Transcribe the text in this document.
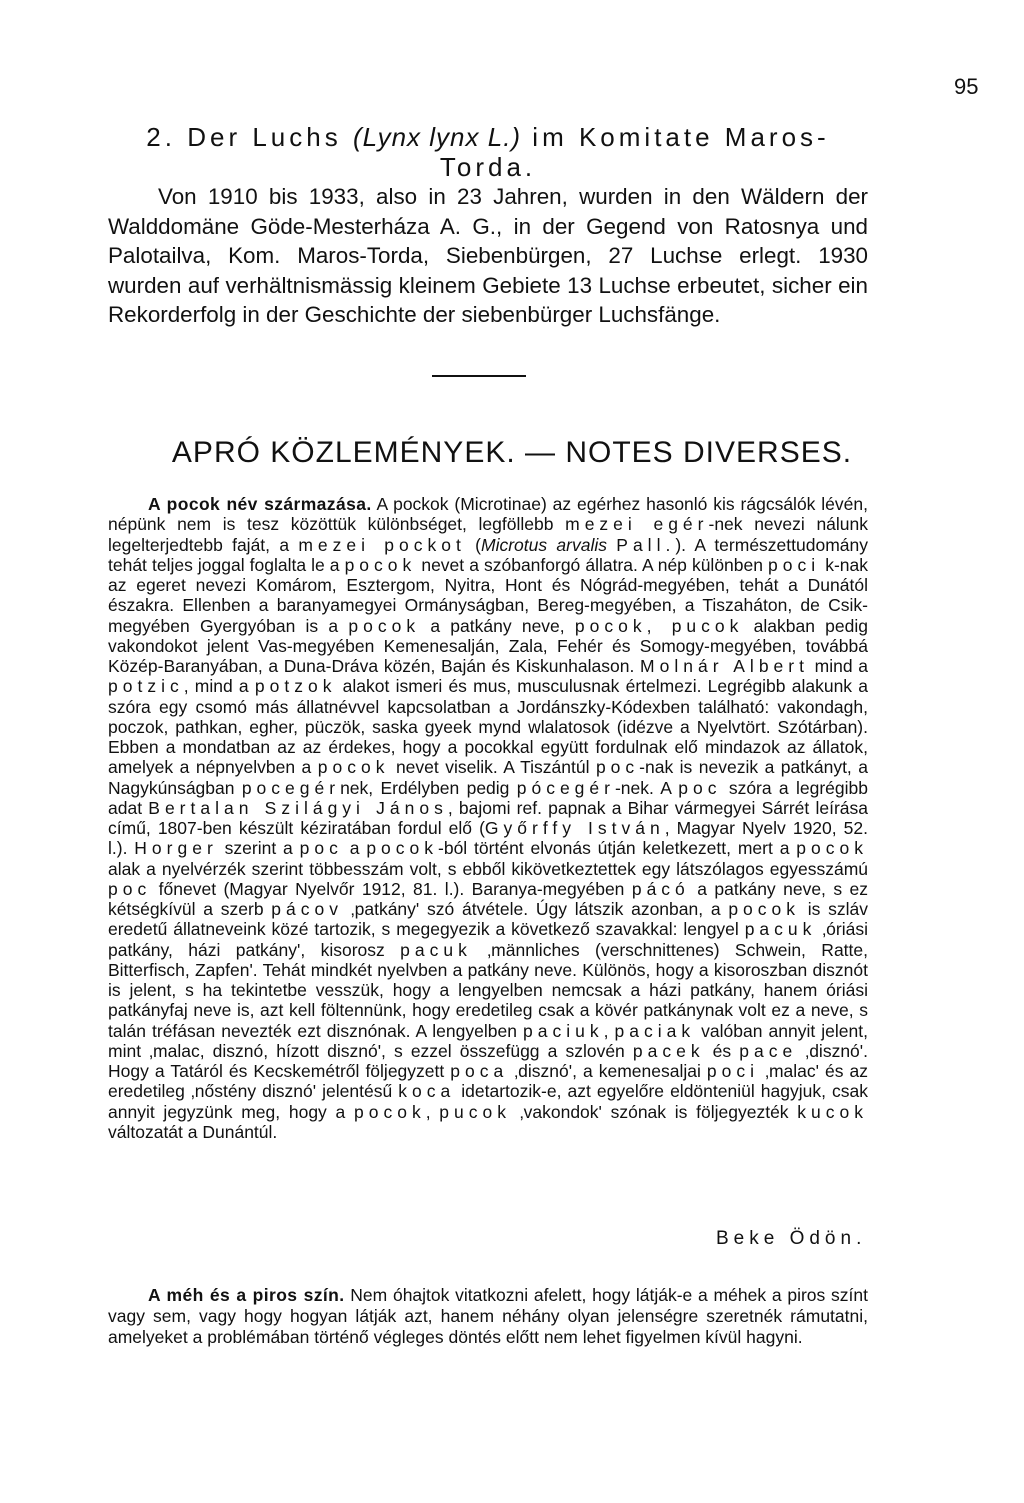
95
2. Der Luchs (Lynx lynx L.) im Komitate Maros-Torda.

Von 1910 bis 1933, also in 23 Jahren, wurden in den Wäldern der Walddomäne Göde-Mesterháza A. G., in der Gegend von Ratosnya und Palotailva, Kom. Maros-Torda, Siebenbürgen, 27 Luchse erlegt. 1930 wurden auf verhältnismässig kleinem Gebiete 13 Luchse erbeutet, sicher ein Rekorderfolg in der Geschichte der siebenbürger Luchsfänge.

APRÓ KÖZLEMÉNYEK. — NOTES DIVERSES.

A pocok név származása. A pockok (Microtinae) az egérhez hasonló kis rágcsálók lévén, népünk nem is tesz közöttük különbséget, legföllebb mezei egér-nek nevezi nálunk legelterjedtebb faját, a mezei pockot (Microtus arvalis Pall.). A természettudomány tehát teljes joggal foglalta le a pocok nevet a szóbanforgó állatra. A nép különben poci k-nak az egeret nevezi Komárom, Esztergom, Nyitra, Hont és Nógrád-megyében, tehát a Dunától északra. Ellenben a baranyamegyei Ormányságban, Bereg-megyében, a Tiszaháton, de Csik-megyében Gyergyóban is a pocok a patkány neve, pocok, pucok alakban pedig vakondokot jelent Vas-megyében Kemenesalján, Zala, Fehér és Somogy-megyében, továbbá Közép-Baranyában, a Duna-Dráva közén, Baján és Kiskunhalason. Molnár Albert mind a potzic, mind a potzok alakot ismeri és mus, musculusnak értelmezi. Legrégibb alakunk a szóra egy csomó más állatnévvel kapcsolatban a Jordánszky-Kódexben található: vakondagh, poczok, pathkan, egher, püczök, saska gyeek mynd wlalatosok (idézve a Nyelvtört. Szótárban). Ebben a mondatban az az érdekes, hogy a pocokkal együtt fordulnak elő mindazok az állatok, amelyek a népnyelvben a pocok nevet viselik. A Tiszántúl poc-nak is nevezik a patkányt, a Nagykúnságban pocegérnek, Erdélyben pedig pócegér-nek. A poc szóra a legrégibb adat Bertalan Szilágyi János, bajomi ref. papnak a Bihar vármegyei Sárrét leírása című, 1807-ben készült kéziratában fordul elő (Győrffy István, Magyar Nyelv 1920, 52. l.). Horger szerint a poc a pocok-ból történt elvonás útján keletkezett, mert a pocok alak a nyelvérzék szerint többesszám volt, s ebből kikövetkeztettek egy látszólagos egyesszámú poc főnevet (Magyar Nyelvőr 1912, 81. l.). Baranya-megyében pácó a patkány neve, s ez kétségkívül a szerb pácov ‚patkány' szó átvétele. Úgy látszik azonban, a pocok is szláv eredetű állatneveink közé tartozik, s megegyezik a következő szavakkal: lengyel pacuk ‚óriási patkány, házi patkány', kisorosz pacuk ‚männliches (verschnittenes) Schwein, Ratte, Bitterfisch, Zapfen'. Tehát mindkét nyelvben a patkány neve. Különös, hogy a kisoroszban disznót is jelent, s ha tekintetbe vesszük, hogy a lengyelben nemcsak a házi patkány, hanem óriási patkányfaj neve is, azt kell föltennünk, hogy eredetileg csak a kövér patkánynak volt ez a neve, s talán tréfásan nevezték ezt disznónak. A lengyelben paciuk, paciak valóban annyit jelent, mint ‚malac, disznó, hízott disznó', s ezzel összefügg a szlovén pacek és pace ‚disznó'. Hogy a Tatáról és Kecskemétről följegyzett poca ‚disznó', a kemenesaljai poci ‚malac' és az eredetileg ‚nőstény disznó' jelentésű koca idetartozik-e, azt egyelőre eldönteniül hagyjuk, csak annyit jegyzünk meg, hogy a pocok, pucok ‚vakondok' szónak is följegyezték kucok változatát a Dunántúl.

Beke Ödön.

A méh és a piros szín. Nem óhajtok vitatkozni afelett, hogy látják-e a méhek a piros színt vagy sem, vagy hogy hogyan látják azt, hanem néhány olyan jelenségre szeretnék rámutatni, amelyeket a problémában történő végleges döntés előtt nem lehet figyelmen kívül hagyni.
